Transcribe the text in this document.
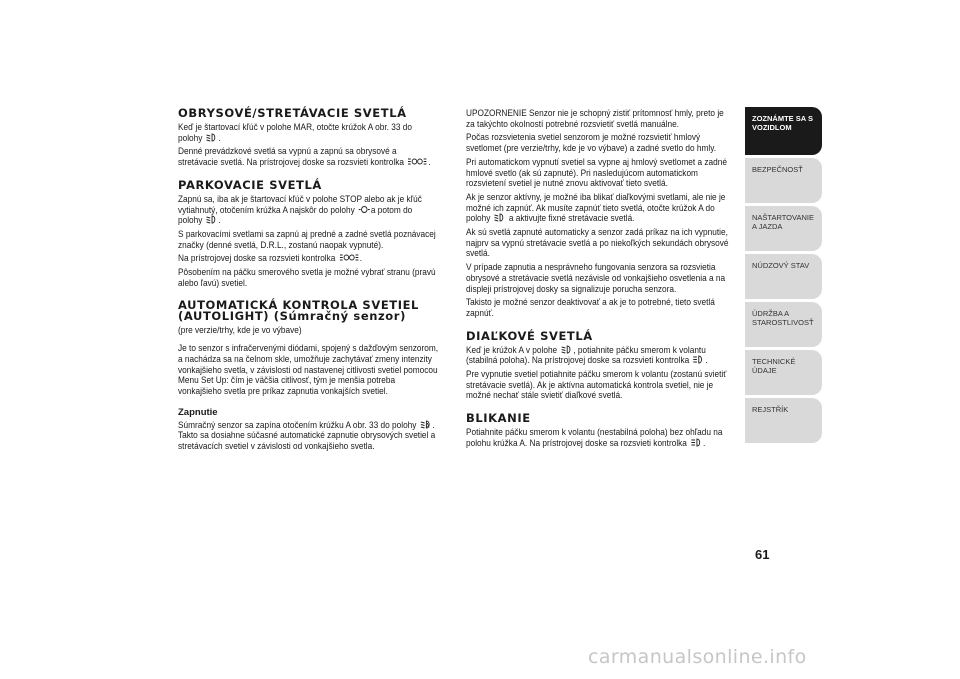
OBRYSOVÉ/STRETÁVACIE SVETLÁ
Keď je štartovací kľúč v polohe MAR, otočte krúžok A obr. 33 do polohy .
Denné prevádzkové svetlá sa vypnú a zapnú sa obrysové a stretávacie svetlá. Na prístrojovej doske sa rozsvieti kontrolka	.
PARKOVACIE SVETLÁ
Zapnú sa, iba ak je štartovací kľúč v polohe STOP alebo ak je kľúč vytiahnutý, otočením krúžka A najskôr do polohy a potom do polohy .
S parkovacími svetlami sa zapnú aj predné a zadné svetlá poznávacej značky (denné svetlá, D.R.L., zostanú naopak vypnuté).
Na prístrojovej doske sa rozsvieti kontrolka	.
Pôsobením na páčku smerového svetla je možné vybrať stranu (pravú alebo ľavú) svetiel.
AUTOMATICKÁ KONTROLA SVETIEL
(AUTOLIGHT) (Súmračný senzor)
(pre verzie/trhy, kde je vo výbave)
Je to senzor s infračervenými diódami, spojený s dažďovým senzorom, a nachádza sa na čelnom skle, umožňuje zachytávať zmeny intenzity vonkajšieho svetla, v závislosti od nastavenej citlivosti svetiel pomocou Menu Set Up: čím je väčšia citlivosť, tým je menšia potreba vonkajšieho svetla pre príkaz zapnutia vonkajších svetiel.
Zapnutie
Súmračný senzor sa zapína otočením krúžku A obr. 33 do polohy A . Takto sa dosiahne súčasné automatické zapnutie obrysových svetiel a stretávacích svetiel v závislosti od vonkajšieho svetla.
UPOZORNENIE Senzor nie je schopný zistiť prítomnosť hmly, preto je za takýchto okolností potrebné rozsvietiť svetlá manuálne.
Počas rozsvietenia svetiel senzorom je možné rozsvietiť hmlový svetlomet (pre verzie/trhy, kde je vo výbave) a zadné svetlo do hmly.
Pri automatickom vypnutí svetiel sa vypne aj hmlový svetlomet a zadné hmlové svetlo (ak sú zapnuté). Pri nasledujúcom automatickom rozsvietení svetiel je nutné znovu aktivovať tieto svetlá.
Ak je senzor aktívny, je možné iba blikať diaľkovými svetlami, ale nie je možné ich zapnúť. Ak musíte zapnúť tieto svetlá, otočte krúžok A do polohy a aktivujte fixné stretávacie svetlá.
Ak sú svetlá zapnuté automaticky a senzor zadá príkaz na ich vypnutie, najprv sa vypnú stretávacie svetlá a po niekoľkých sekundách obrysové svetlá.
V prípade zapnutia a nesprávneho fungovania senzora sa rozsvietia obrysové a stretávacie svetlá nezávisle od vonkajšieho osvetlenia a na displeji prístrojovej dosky sa signalizuje porucha senzora.
Takisto je možné senzor deaktivovať a ak je to potrebné, tieto svetlá zapnúť.
DIAĽKOVÉ SVETLÁ
Keď je krúžok A v polohe , potiahnite páčku smerom k volantu (stabilná poloha). Na prístrojovej doske sa rozsvieti kontrolka .
Pre vypnutie svetiel potiahnite páčku smerom k volantu (zostanú svietiť stretávacie svetlá). Ak je aktívna automatická kontrola svetiel, nie je možné nechať stále svietiť diaľkové svetlá.
BLIKANIE
Potiahnite páčku smerom k volantu (nestabilná poloha) bez ohľadu na polohu krúžka A. Na prístrojovej doske sa rozsvieti kontrolka .
ZOZNÁMTE SA S VOZIDLOM
BEZPEČNOSŤ
NAŠTARTOVANIE A JAZDA
NÚDZOVÝ STAV
ÚDRŽBA A STAROSTLIVOSŤ
TECHNICKÉ ÚDAJE
REJSTŘÍK
61
carmanualsonline.info
